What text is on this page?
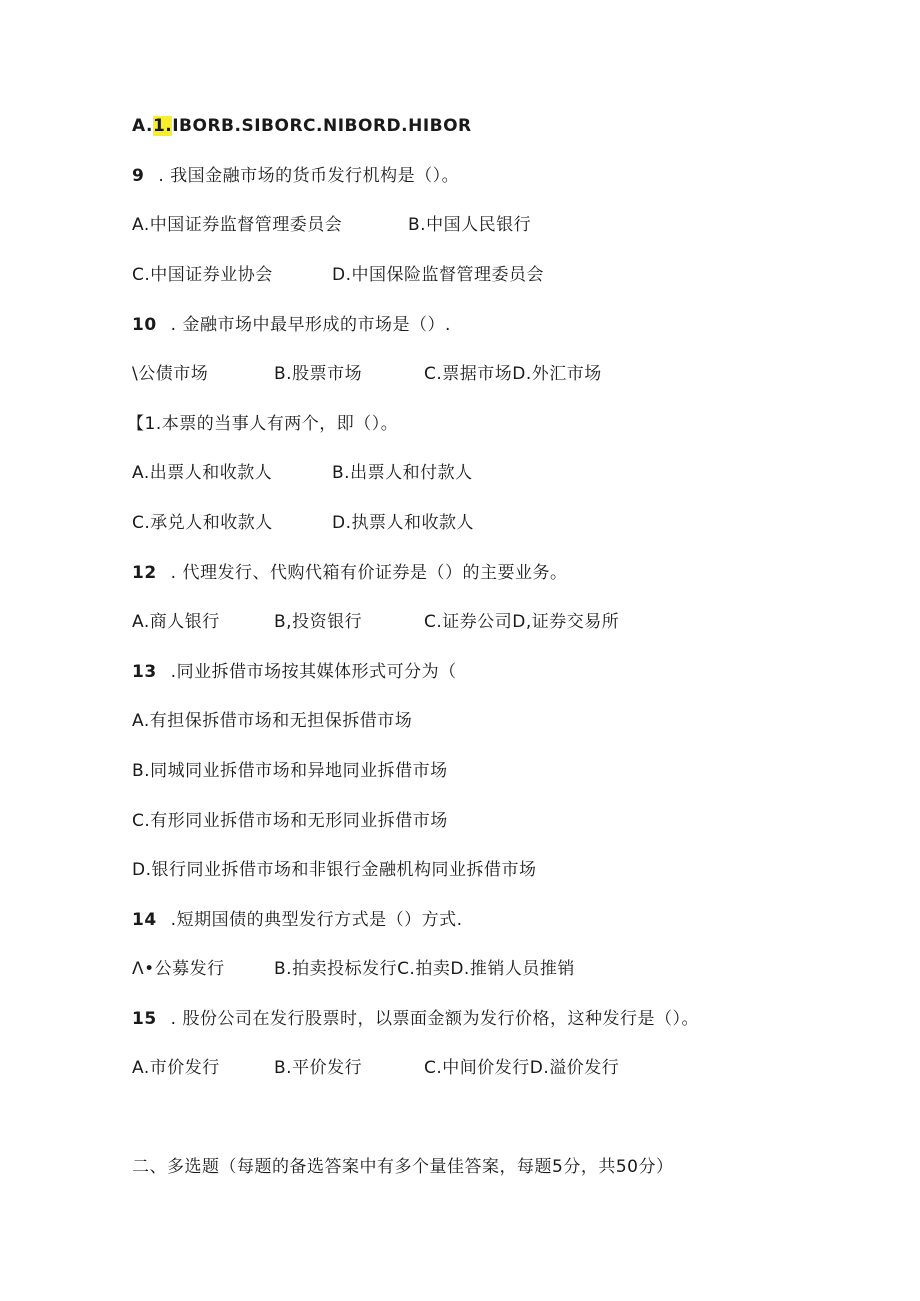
A.1.IBORB.SIBORC.NIBORD.HIBOR
9 . 我国金融市场的货币发行机构是（）。
A.中国证券监督管理委员会	B.中国人民银行
C.中国证券业协会	D.中国保险监督管理委员会
10 . 金融市场中最早形成的市场是（）.
\公债市场	B.股票市场	C.票据市场D.外汇市场
【1.本票的当事人有两个，即（）。
A.出票人和收款人	B.出票人和付款人
C.承兑人和收款人	D.执票人和收款人
12 . 代理发行、代购代箱有价证券是（）的主要业务。
A.商人银行	B,投资银行	C.证券公司D,证券交易所
13 .同业拆借市场按其媒体形式可分为（
A.有担保拆借市场和无担保拆借市场
B.同城同业拆借市场和异地同业拆借市场
C.有形同业拆借市场和无形同业拆借市场
D.银行同业拆借市场和非银行金融机构同业拆借市场
14 .短期国债的典型发行方式是（）方式.
Λ•公募发行	B.拍卖投标发行C.拍卖D.推销人员推销
15 . 股份公司在发行股票时，以票面金额为发行价格，这种发行是（）。
A.市价发行	B.平价发行	C.中间价发行D.溢价发行
二、多选题（每题的备选答案中有多个量佳答案，每题5分，共50分）
